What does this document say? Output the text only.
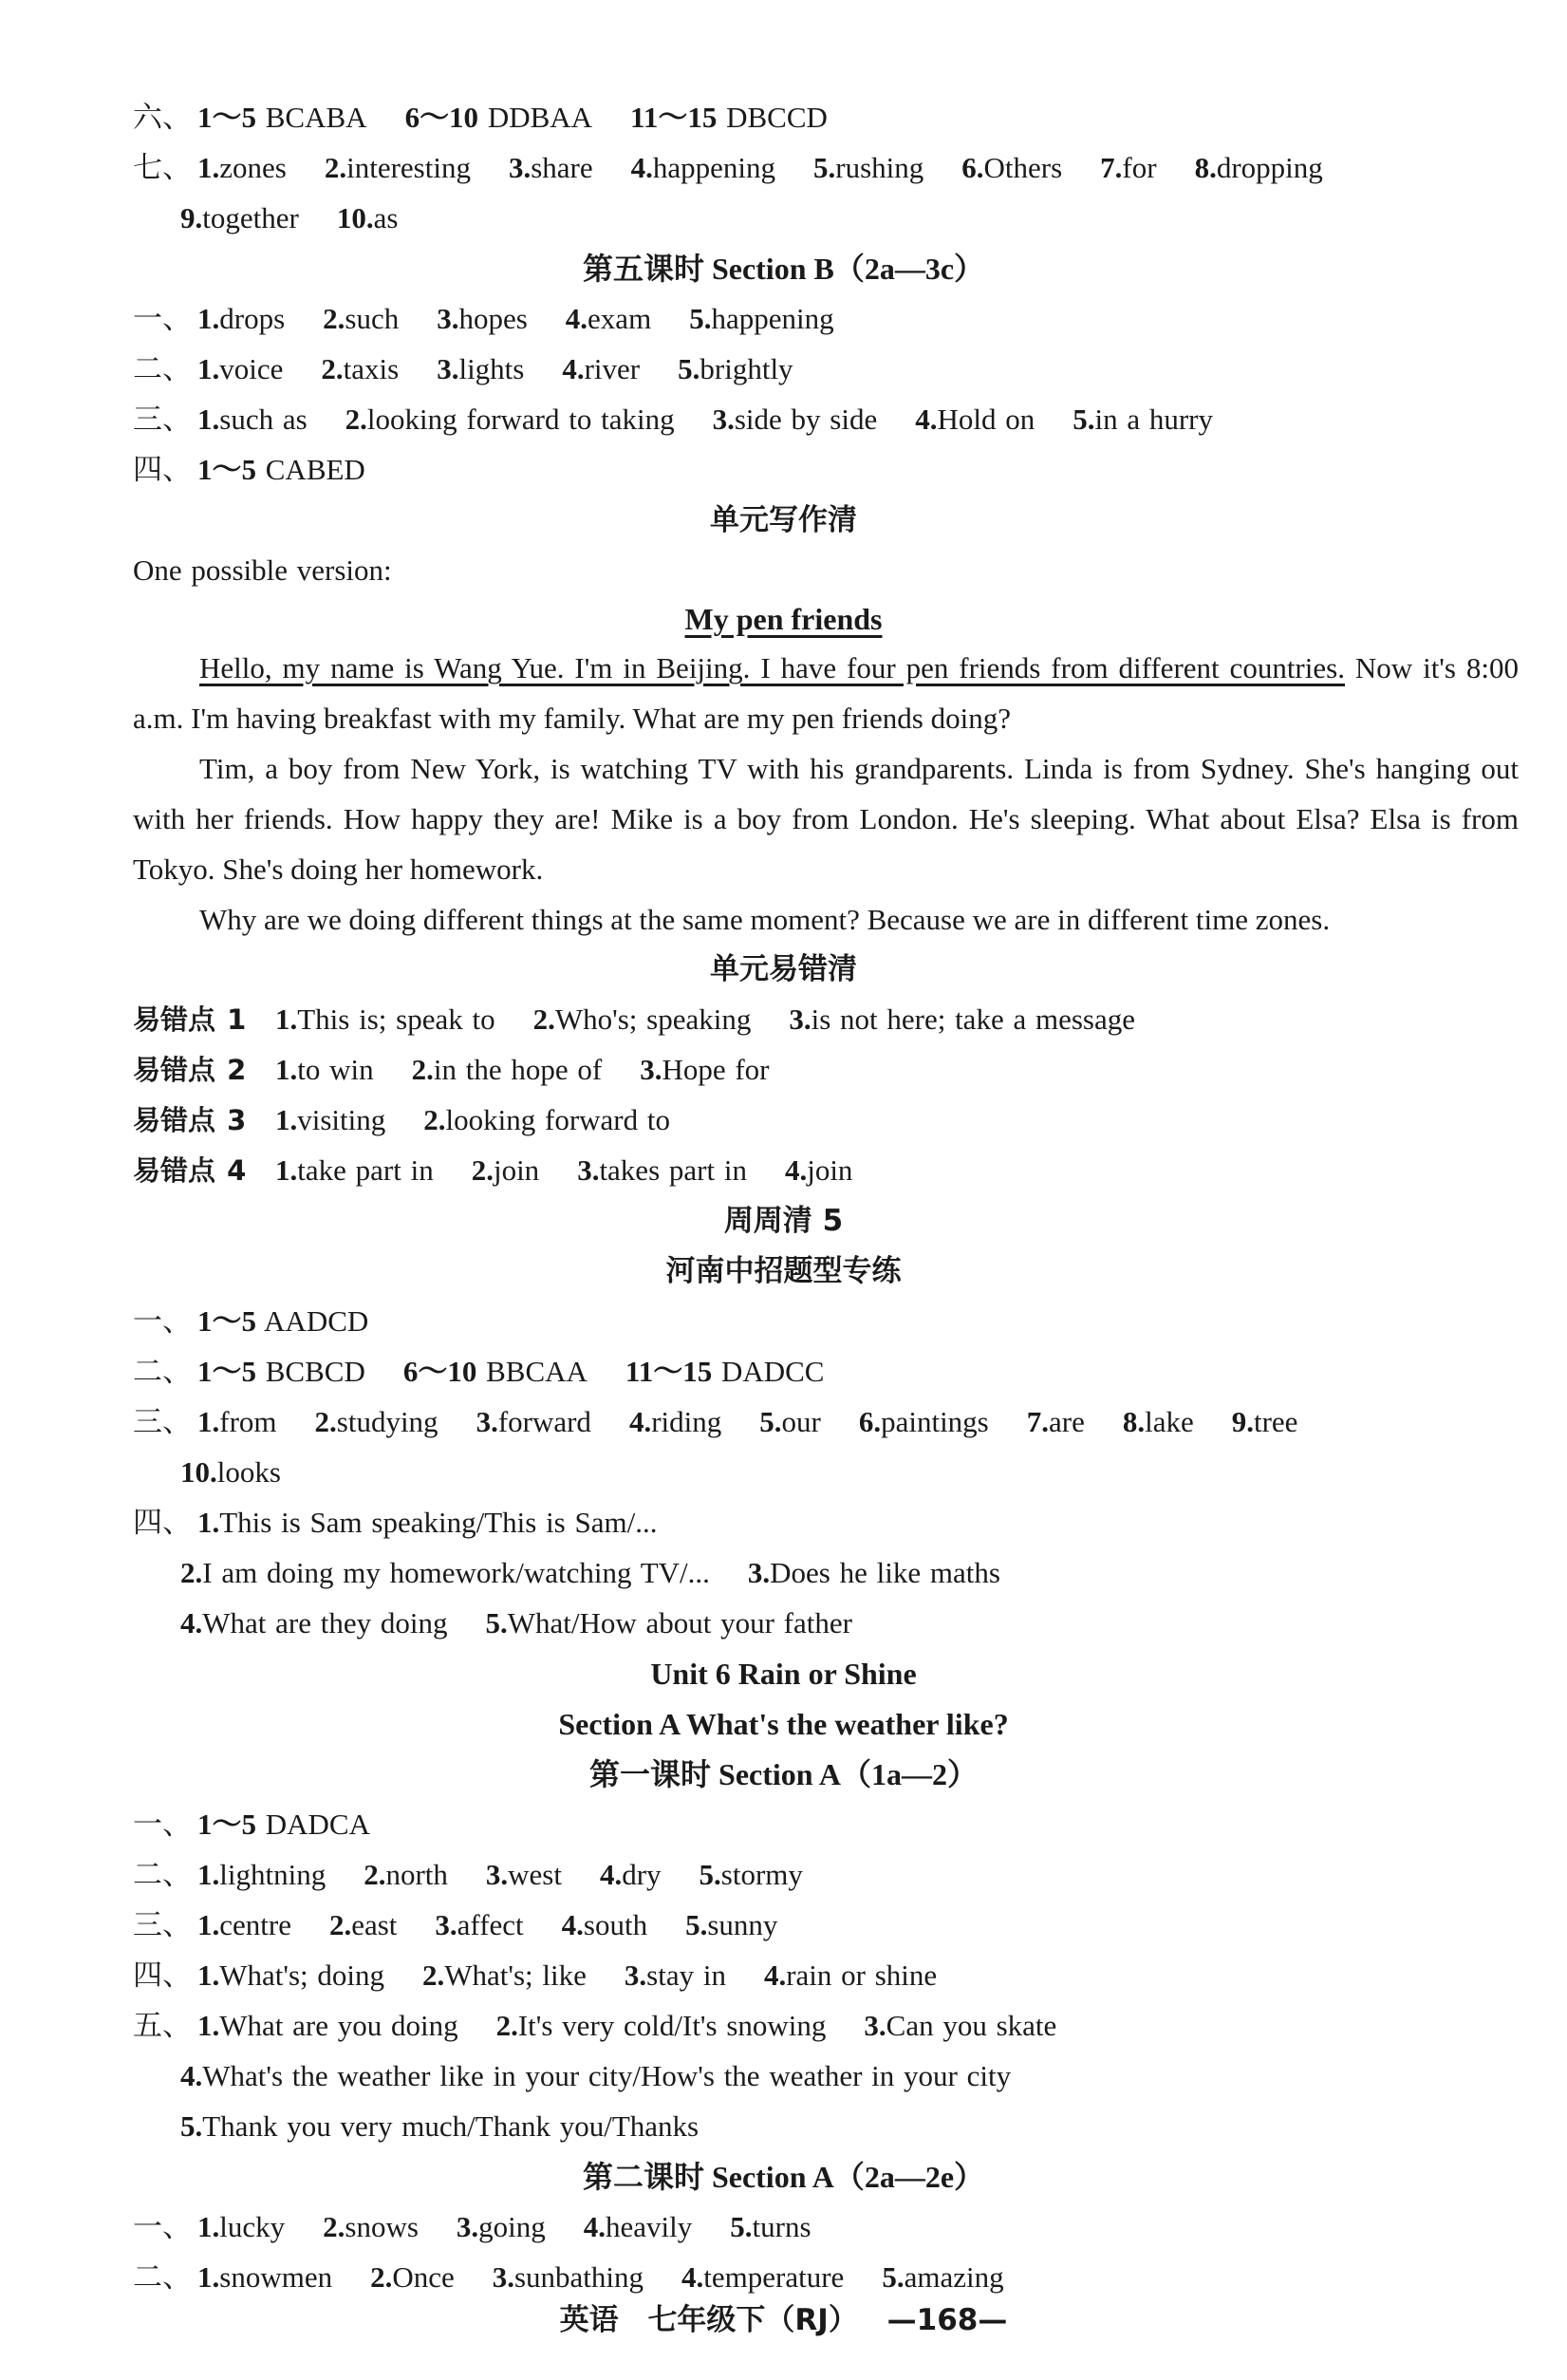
六、 1～5 BCABA 6～10 DDBAA 11～15 DBCCD
七、 1.zones 2.interesting 3.share 4.happening 5.rushing 6.Others 7.for 8.dropping
9.together 10.as
第五课时 Section B（2a—3c）
一、 1.drops 2.such 3.hopes 4.exam 5.happening
二、 1.voice 2.taxis 3.lights 4.river 5.brightly
三、 1.such as 2.looking forward to taking 3.side by side 4.Hold on 5.in a hurry
四、 1～5 CABED
单元写作清
One possible version:
My pen friends
Hello, my name is Wang Yue. I'm in Beijing. I have four pen friends from different countries. Now it's 8:00 a.m. I'm having breakfast with my family. What are my pen friends doing?
Tim, a boy from New York, is watching TV with his grandparents. Linda is from Sydney. She's hanging out with her friends. How happy they are! Mike is a boy from London. He's sleeping. What about Elsa? Elsa is from Tokyo. She's doing her homework.
Why are we doing different things at the same moment? Because we are in different time zones.
单元易错清
易错点 1 1.This is; speak to 2.Who's; speaking 3.is not here; take a message
易错点 2 1.to win 2.in the hope of 3.Hope for
易错点 3 1.visiting 2.looking forward to
易错点 4 1.take part in 2.join 3.takes part in 4.join
周周清 5
河南中招题型专练
一、 1～5 AADCD
二、 1～5 BCBCD 6～10 BBCAA 11～15 DADCC
三、 1.from 2.studying 3.forward 4.riding 5.our 6.paintings 7.are 8.lake 9.tree
10.looks
四、 1.This is Sam speaking/This is Sam/...
2.I am doing my homework/watching TV/... 3.Does he like maths
4.What are they doing 5.What/How about your father
Unit 6 Rain or Shine
Section A What's the weather like?
第一课时 Section A（1a—2）
一、 1～5 DADCA
二、 1.lightning 2.north 3.west 4.dry 5.stormy
三、 1.centre 2.east 3.affect 4.south 5.sunny
四、 1.What's; doing 2.What's; like 3.stay in 4.rain or shine
五、 1.What are you doing 2.It's very cold/It's snowing 3.Can you skate
4.What's the weather like in your city/How's the weather in your city
5.Thank you very much/Thank you/Thanks
第二课时 Section A（2a—2e）
一、 1.lucky 2.snows 3.going 4.heavily 5.turns
二、 1.snowmen 2.Once 3.sunbathing 4.temperature 5.amazing
英语 七年级下（RJ） —168—
